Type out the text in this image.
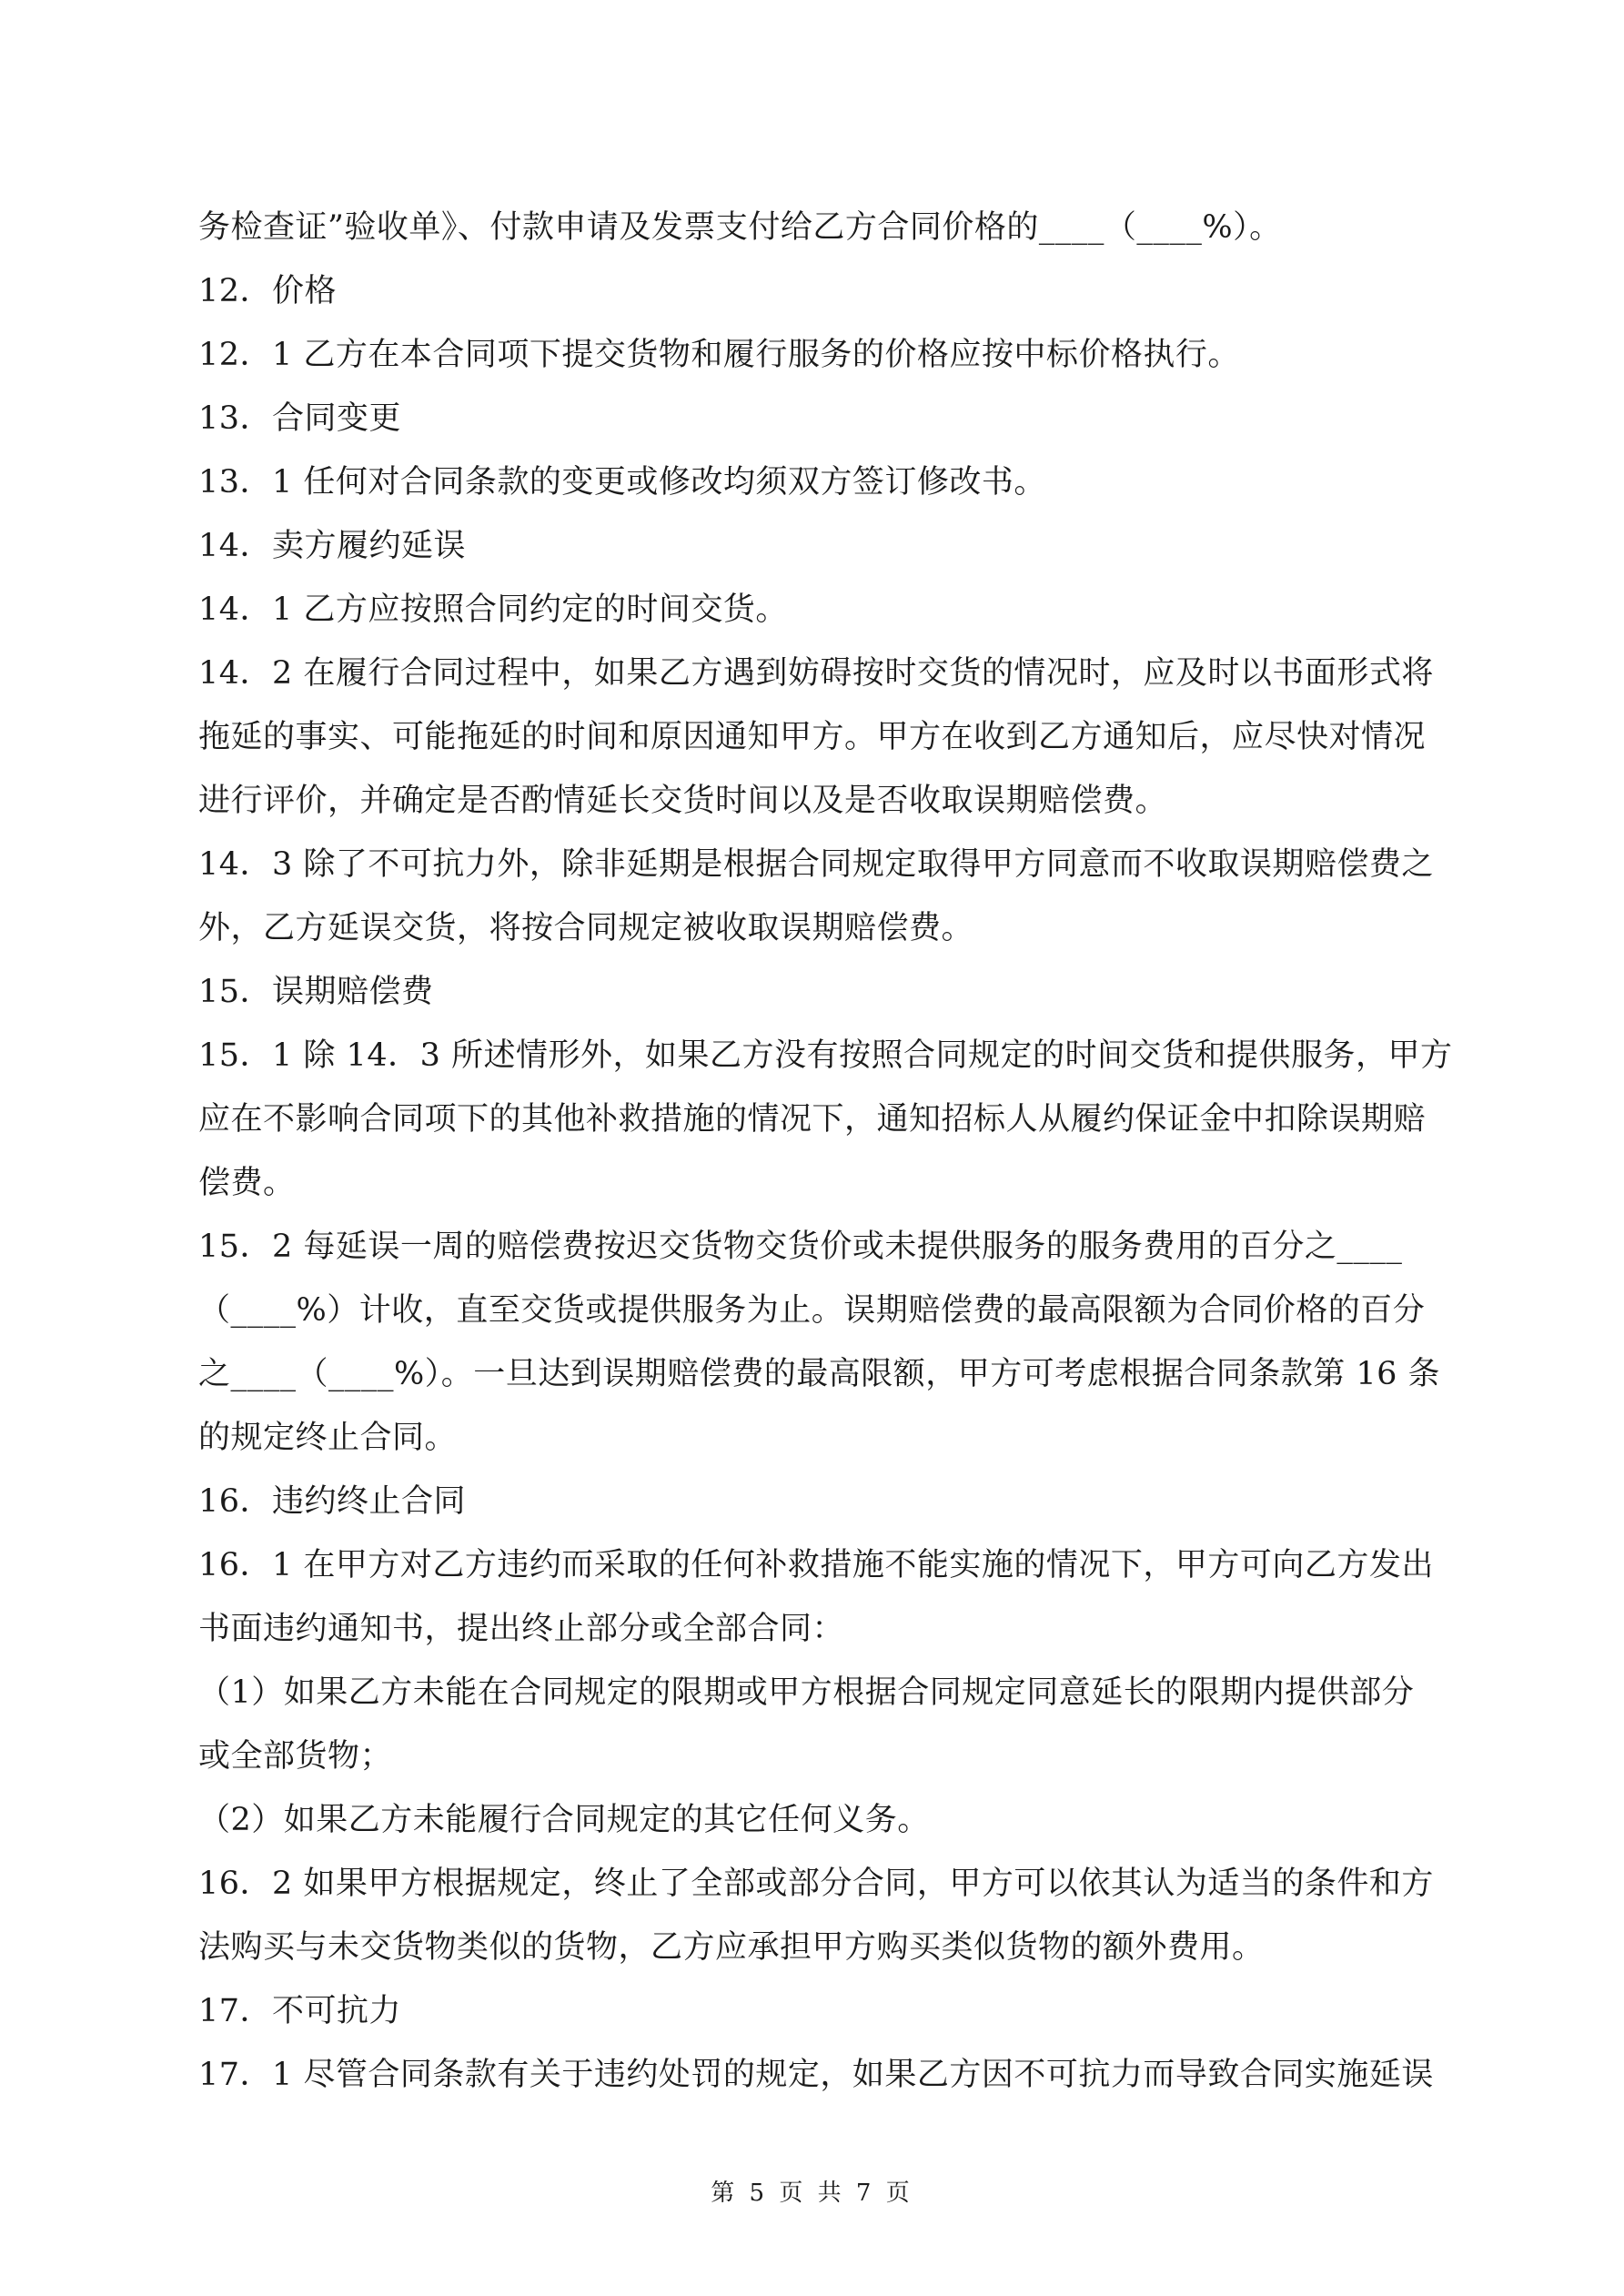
务检查证”验收单》、付款申请及发票支付给乙方合同价格的____（____%）。
12．价格
12．1 乙方在本合同项下提交货物和履行服务的价格应按中标价格执行。
13．合同变更
13．1 任何对合同条款的变更或修改均须双方签订修改书。
14．卖方履约延误
14．1 乙方应按照合同约定的时间交货。
14．2 在履行合同过程中，如果乙方遇到妨碍按时交货的情况时，应及时以书面形式将
拖延的事实、可能拖延的时间和原因通知甲方。甲方在收到乙方通知后，应尽快对情况
进行评价，并确定是否酌情延长交货时间以及是否收取误期赔偿费。
14．3 除了不可抗力外，除非延期是根据合同规定取得甲方同意而不收取误期赔偿费之
外，乙方延误交货，将按合同规定被收取误期赔偿费。
15．误期赔偿费
15．1 除 14．3 所述情形外，如果乙方没有按照合同规定的时间交货和提供服务，甲方
应在不影响合同项下的其他补救措施的情况下，通知招标人从履约保证金中扣除误期赔
偿费。
15．2 每延误一周的赔偿费按迟交货物交货价或未提供服务的服务费用的百分之____
（____%）计收，直至交货或提供服务为止。误期赔偿费的最高限额为合同价格的百分
之____（____%）。一旦达到误期赔偿费的最高限额，甲方可考虑根据合同条款第 16 条
的规定终止合同。
16．违约终止合同
16．1 在甲方对乙方违约而采取的任何补救措施不能实施的情况下，甲方可向乙方发出
书面违约通知书，提出终止部分或全部合同：
（1）如果乙方未能在合同规定的限期或甲方根据合同规定同意延长的限期内提供部分
或全部货物；
（2）如果乙方未能履行合同规定的其它任何义务。
16．2 如果甲方根据规定，终止了全部或部分合同，甲方可以依其认为适当的条件和方
法购买与未交货物类似的货物，乙方应承担甲方购买类似货物的额外费用。
17．不可抗力
17．1 尽管合同条款有关于违约处罚的规定，如果乙方因不可抗力而导致合同实施延误
第 5 页 共 7 页
